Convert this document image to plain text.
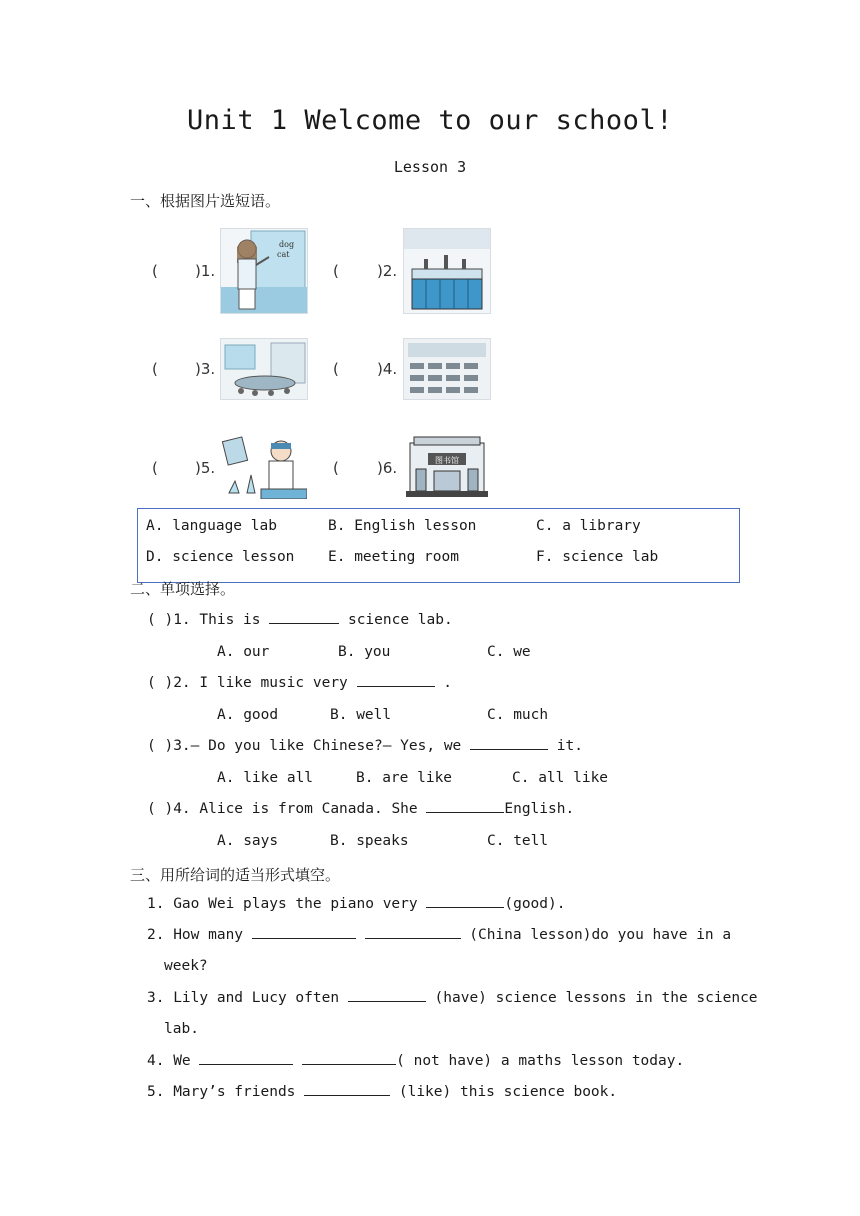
Unit 1 Welcome to our school!
Lesson 3
一、根据图片选短语。
( )1.
dog
cat
(	)2.
( )3.	(	)4.
( )5.	(	)6.	图书馆
A. language lab	B. English lesson	C. a library
D. science lesson E. meeting room	F. science lab
二、单项选择。
( )1. This is	science lab.
A. our	B. you	C. we
( )2. I like music very	.
A. good	B. well	C. much
( )3.— Do you like Chinese?— Yes, we	it.
A. like all	B. are like	C. all like
( )4. Alice is from Canada. She	English.
A. says	B. speaks	C. tell
三、用所给词的适当形式填空。
1. Gao Wei plays the piano very	(good).
2. How many	(China lesson)do you have in a
week?
3. Lily and Lucy often	(have) science lessons in the science
lab.
4. We	( not have) a maths lesson today.
5. Mary’s friends	(like) this science book.
